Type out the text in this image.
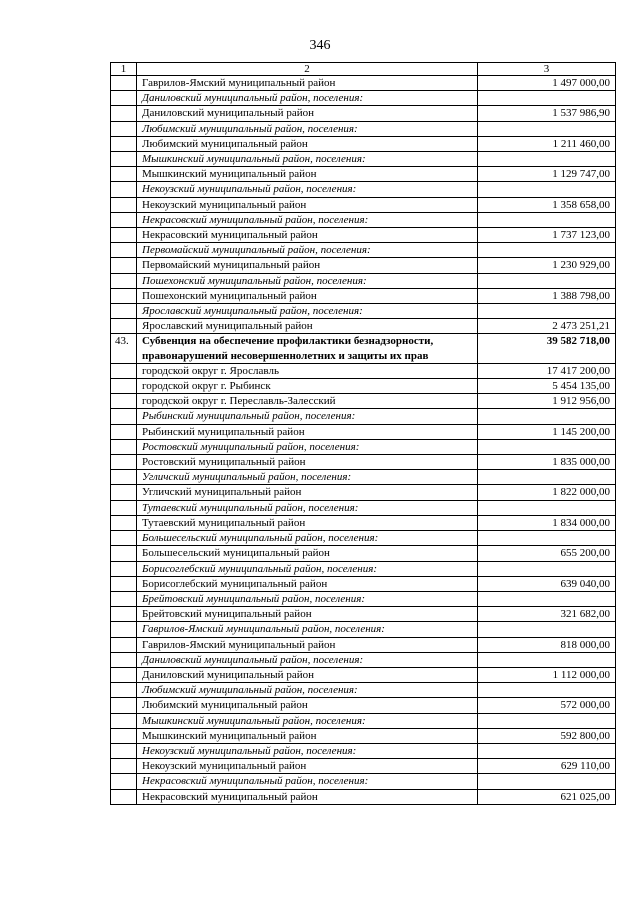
346
1	2	3
	Гаврилов-Ямский муниципальный район	1 497 000,00
	Даниловский муниципальный район, поселения:	
	Даниловский муниципальный район	1 537 986,90
	Любимский муниципальный район, поселения:	
	Любимский муниципальный район	1 211 460,00
	Мышкинский муниципальный район, поселения:	
	Мышкинский муниципальный район	1 129 747,00
	Некоузский муниципальный район, поселения:	
	Некоузский муниципальный район	1 358 658,00
	Некрасовский муниципальный район, поселения:	
	Некрасовский муниципальный район	1 737 123,00
	Первомайский муниципальный район, поселения:	
	Первомайский муниципальный район	1 230 929,00
	Пошехонский муниципальный район, поселения:	
	Пошехонский муниципальный район	1 388 798,00
	Ярославский муниципальный район, поселения:	
	Ярославский муниципальный район	2 473 251,21
43.	Субвенция на обеспечение профилактики безнадзорности, правонарушений несовершеннолетних и защиты их прав	39 582 718,00
	городской округ г. Ярославль	17 417 200,00
	городской округ г. Рыбинск	5 454 135,00
	городской округ г. Переславль-Залесский	1 912 956,00
	Рыбинский муниципальный район, поселения:	
	Рыбинский муниципальный район	1 145 200,00
	Ростовский муниципальный район, поселения:	
	Ростовский муниципальный район	1 835 000,00
	Угличский муниципальный район, поселения:	
	Угличский муниципальный район	1 822 000,00
	Тутаевский муниципальный район, поселения:	
	Тутаевский муниципальный район	1 834 000,00
	Большесельский муниципальный район, поселения:	
	Большесельский муниципальный район	655 200,00
	Борисоглебский муниципальный район, поселения:	
	Борисоглебский муниципальный район	639 040,00
	Брейтовский муниципальный район, поселения:	
	Брейтовский муниципальный район	321 682,00
	Гаврилов-Ямский муниципальный район, поселения:	
	Гаврилов-Ямский муниципальный район	818 000,00
	Даниловский муниципальный район, поселения:	
	Даниловский муниципальный район	1 112 000,00
	Любимский муниципальный район, поселения:	
	Любимский муниципальный район	572 000,00
	Мышкинский муниципальный район, поселения:	
	Мышкинский муниципальный район	592 800,00
	Некоузский муниципальный район, поселения:	
	Некоузский муниципальный район	629 110,00
	Некрасовский муниципальный район, поселения:	
	Некрасовский муниципальный район	621 025,00
